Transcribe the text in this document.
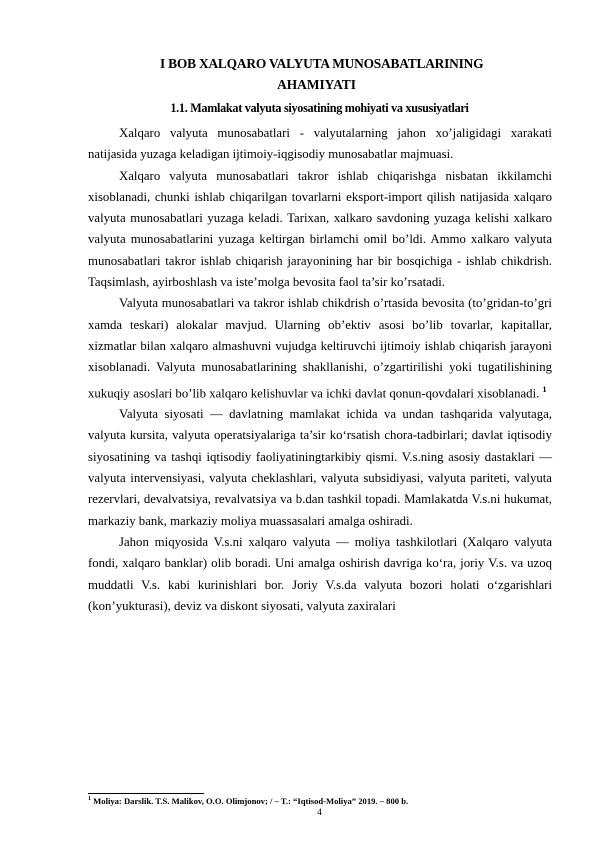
I BOB XALQARO VALYUTA MUNOSABATLARINING
AHAMIYATI
1.1. Mamlakat valyuta siyosatining mohiyati va xususiyatlari

Xalqaro valyuta munosabatlari - valyutalarning jahon xo’jaligidagi xarakati natijasida yuzaga keladigan ijtimoiy-iqgisodiy munosabatlar majmuasi.

Xalqaro valyuta munosabatlari takror ishlab chiqarishga nisbatan ikkilamchi xisoblanadi, chunki ishlab chiqarilgan tovarlarni eksport-import qilish natijasida xalqaro valyuta munosabatlari yuzaga keladi. Tarixan, xalkaro savdoning yuzaga kelishi xalkaro valyuta munosabatlarini yuzaga keltirgan birlamchi omil bo’ldi. Ammo xalkaro valyuta munosabatlari takror ishlab chiqarish jarayonining har bir bosqichiga - ishlab chikdrish. Taqsimlash, ayirboshlash va iste’molga bevosita faol ta’sir ko’rsatadi.

Valyuta munosabatlari va takror ishlab chikdrish o’rtasida bevosita (to’gridan-to’gri xamda teskari) alokalar mavjud. Ularning ob’ektiv asosi bo’lib tovarlar, kapitallar, xizmatlar bilan xalqaro almashuvni vujudga keltiruvchi ijtimoiy ishlab chiqarish jarayoni xisoblanadi. Valyuta munosabatlarining shakllanishi, o’zgartirilishi yoki tugatilishining xukuqiy asoslari bo’lib xalqaro kelishuvlar va ichki davlat qonun-qovdalari xisoblanadi. $^1$

Valyuta siyosati — davlatning mamlakat ichida va undan tashqarida valyutaga, valyuta kursita, valyuta operatsiyalariga ta’sir ko‘rsatish chora-tadbirlari; davlat iqtisodiy siyosatining va tashqi iqtisodiy faoliyatiningtarkibiy qismi. V.s.ning asosiy dastaklari — valyuta intervensiyasi, valyuta cheklashlari, valyuta subsidiyasi, valyuta pariteti, valyuta rezervlari, devalvatsiya, revalvatsiya va b.dan tashkil topadi. Mamlakatda V.s.ni hukumat, markaziy bank, markaziy moliya muassasalari amalga oshiradi.

Jahon miqyosida V.s.ni xalqaro valyuta — moliya tashkilotlari (Xalqaro valyuta fondi, xalqaro banklar) olib boradi. Uni amalga oshirish davriga ko‘ra, joriy V.s. va uzoq muddatli V.s. kabi kurinishlari bor. Joriy V.s.da valyuta bozori holati o‘zgarishlari (kon’yukturasi), deviz va diskont siyosati, valyuta zaxiralari

$^1$ Moliya: Darslik. T.S. Malikov, O.O. Olimjonov; / – T.: “Iqtisod-Moliya” 2019. – 800 b.
4
